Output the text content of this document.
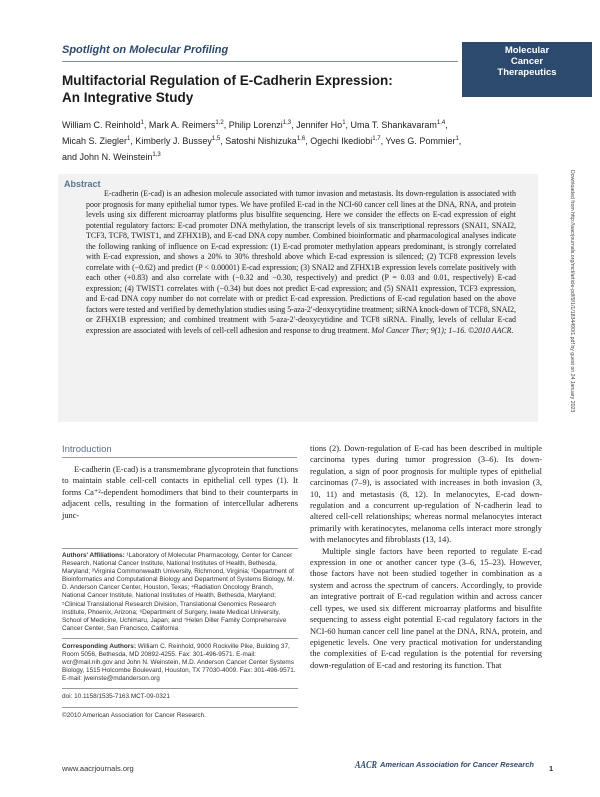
Spotlight on Molecular Profiling	Molecular
Cancer
Therapeutics
Multifactorial Regulation of E-Cadherin Expression:
An Integrative Study
William C. Reinhold$^1$, Mark A. Reimers$^{1,2}$, Philip Lorenzi$^{1,3}$, Jennifer Ho$^1$, Uma T. Shankavaram$^{1,4}$, Micah S. Ziegler$^1$, Kimberly J. Bussey$^{1,5}$, Satoshi Nishizuka$^{1,6}$, Ogechi Ikediobi$^{1,7}$, Yves G. Pommier$^1$, and John N. Weinstein$^{1,3}$
Abstract

E-cadherin (E-cad) is an adhesion molecule associated with tumor invasion and metastasis. Its down-regulation is associated with poor prognosis for many epithelial tumor types. We have profiled E-cad in the NCI-60 cancer cell lines at the DNA, RNA, and protein levels using six different microarray platforms plus bisulfite sequencing. Here we consider the effects on E-cad expression of eight potential regulatory factors: E-cad promoter DNA methylation, the transcript levels of six transcriptional repressors (SNAI1, SNAI2, TCF3, TCF8, TWIST1, and ZFHX1B), and E-cad DNA copy number. Combined bioinformatic and pharmacological analyses indicate the following ranking of influence on E-cad expression: (1) E-cad promoter methylation appears predominant, is strongly correlated with E-cad expression, and shows a 20% to 30% threshold above which E-cad expression is silenced; (2) TCF8 expression levels correlate with (−0.62) and predict (P < 0.00001) E-cad expression; (3) SNAI2 and ZFHX1B expression levels correlate positively with each other (+0.83) and also correlate with (−0.32 and −0.30, respectively) and predict (P = 0.03 and 0.01, respectively) E-cad expression; (4) TWIST1 correlates with (−0.34) but does not predict E-cad expression; and (5) SNAI1 expression, TCF3 expression, and E-cad DNA copy number do not correlate with or predict E-cad expression. Predictions of E-cad regulation based on the above factors were tested and verified by demethylation studies using 5-aza-2′-deoxycytidine treatment; siRNA knock-down of TCF8, SNAI2, or ZFHX1B expression; and combined treatment with 5-aza-2′-deoxycytidine and TCF8 siRNA. Finally, levels of cellular E-cad expression are associated with levels of cell-cell adhesion and response to drug treatment. Mol Cancer Ther; 9(1); 1–16. ©2010 AACR.	Downloaded from http://aacrjournals.org/mct/article-pdf/9/1/1/1834490/1.pdf by guest on 24 January 2023
Introduction

E-cadherin (E-cad) is a transmembrane glycoprotein that functions to maintain stable cell-cell contacts in epithelial cell types (1). It forms Ca⁺²-dependent homodimers that bind to their counterparts in adjacent cells, resulting in the formation of intercellular adherens junc-

tions (2). Down-regulation of E-cad has been described in multiple carcinoma types during tumor progression (3–6). Its down-regulation, a sign of poor prognosis for multiple types of epithelial carcinomas (7–9), is associated with increases in both invasion (3, 10, 11) and metastasis (8, 12). In melanocytes, E-cad down-regulation and a concurrent up-regulation of N-cadherin lead to altered cell-cell relationships; whereas normal melanocytes interact primarily with keratinocytes, melanoma cells interact more strongly with melanocytes and fibroblasts (13, 14).

Multiple single factors have been reported to regulate E-cad expression in one or another cancer type (3–6, 15–23). However, those factors have not been studied together in combination as a system and across the spectrum of cancers. Accordingly, to provide an integrative portrait of E-cad regulation within and across cancer cell types, we used six different microarray platforms and bisulfite sequencing to assess eight potential E-cad regulatory factors in the NCI-60 human cancer cell line panel at the DNA, RNA, protein, and epigenetic levels. One very practical motivation for understanding the complexities of E-cad regulation is the potential for reversing down-regulation of E-cad and restoring its function. That

Authors' Affiliations: ¹Laboratory of Molecular Pharmacology, Center for Cancer Research, National Cancer Institute, National Institutes of Health, Bethesda, Maryland; ²Virginia Commonwealth University, Richmond, Virginia; ³Department of Bioinformatics and Computational Biology and Department of Systems Biology, M. D. Anderson Cancer Center, Houston, Texas; ⁴Radiation Oncology Branch, National Cancer Institute, National Institutes of Health, Bethesda, Maryland; ⁵Clinical Translational Research Division, Translational Genomics Research Institute, Phoenix, Arizona; ⁶Department of Surgery, Iwate Medical University, School of Medicine, Uchimaru, Japan; and ⁷Helen Diller Family Comprehensive Cancer Center, San Francisco, California

Corresponding Authors: William C. Reinhold, 9000 Rockville Pike, Building 37, Room 5056, Bethesda, MD 20892-4255. Fax: 301-496-9571. E-mail: wcr@mail.nih.gov and John N. Weinstein, M.D. Anderson Cancer Center Systems Biology, 1515 Holcombe Boulevard, Houston, TX 77030-4009. Fax: 301-496-9571. E-mail: jweinste@mdanderson.org

doi: 10.1158/1535-7163.MCT-09-0321

©2010 American Association for Cancer Research.

www.aacrjournals.org	AACR American Association for Cancer Research 1
